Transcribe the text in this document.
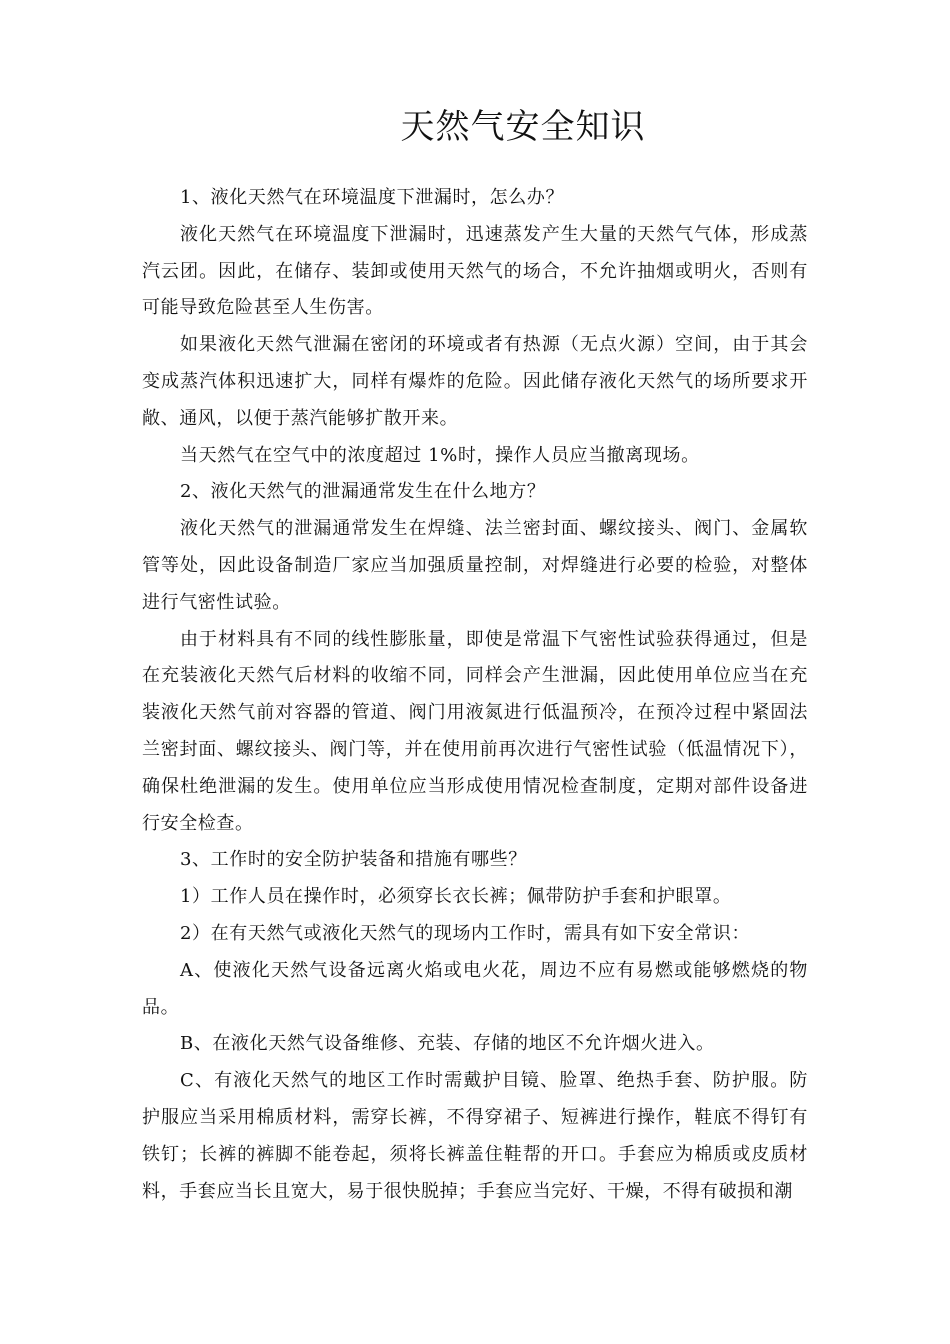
天然气安全知识

1、液化天然气在环境温度下泄漏时，怎么办？

液化天然气在环境温度下泄漏时，迅速蒸发产生大量的天然气气体，形成蒸汽云团。因此，在储存、装卸或使用天然气的场合，不允许抽烟或明火，否则有可能导致危险甚至人生伤害。

如果液化天然气泄漏在密闭的环境或者有热源（无点火源）空间，由于其会变成蒸汽体积迅速扩大，同样有爆炸的危险。因此储存液化天然气的场所要求开敞、通风，以便于蒸汽能够扩散开来。

当天然气在空气中的浓度超过 1%时，操作人员应当撤离现场。

2、液化天然气的泄漏通常发生在什么地方？

液化天然气的泄漏通常发生在焊缝、法兰密封面、螺纹接头、阀门、金属软管等处，因此设备制造厂家应当加强质量控制，对焊缝进行必要的检验，对整体进行气密性试验。

由于材料具有不同的线性膨胀量，即使是常温下气密性试验获得通过，但是在充装液化天然气后材料的收缩不同，同样会产生泄漏，因此使用单位应当在充装液化天然气前对容器的管道、阀门用液氮进行低温预冷，在预冷过程中紧固法兰密封面、螺纹接头、阀门等，并在使用前再次进行气密性试验（低温情况下），确保杜绝泄漏的发生。使用单位应当形成使用情况检查制度，定期对部件设备进行安全检查。

3、工作时的安全防护装备和措施有哪些？

1）工作人员在操作时，必须穿长衣长裤；佩带防护手套和护眼罩。

2）在有天然气或液化天然气的现场内工作时，需具有如下安全常识：

A、使液化天然气设备远离火焰或电火花，周边不应有易燃或能够燃烧的物品。

B、在液化天然气设备维修、充装、存储的地区不允许烟火进入。

C、有液化天然气的地区工作时需戴护目镜、脸罩、绝热手套、防护服。防护服应当采用棉质材料，需穿长裤，不得穿裙子、短裤进行操作，鞋底不得钉有铁钉；长裤的裤脚不能卷起，须将长裤盖住鞋帮的开口。手套应为棉质或皮质材料，手套应当长且宽大，易于很快脱掉；手套应当完好、干燥，不得有破损和潮
